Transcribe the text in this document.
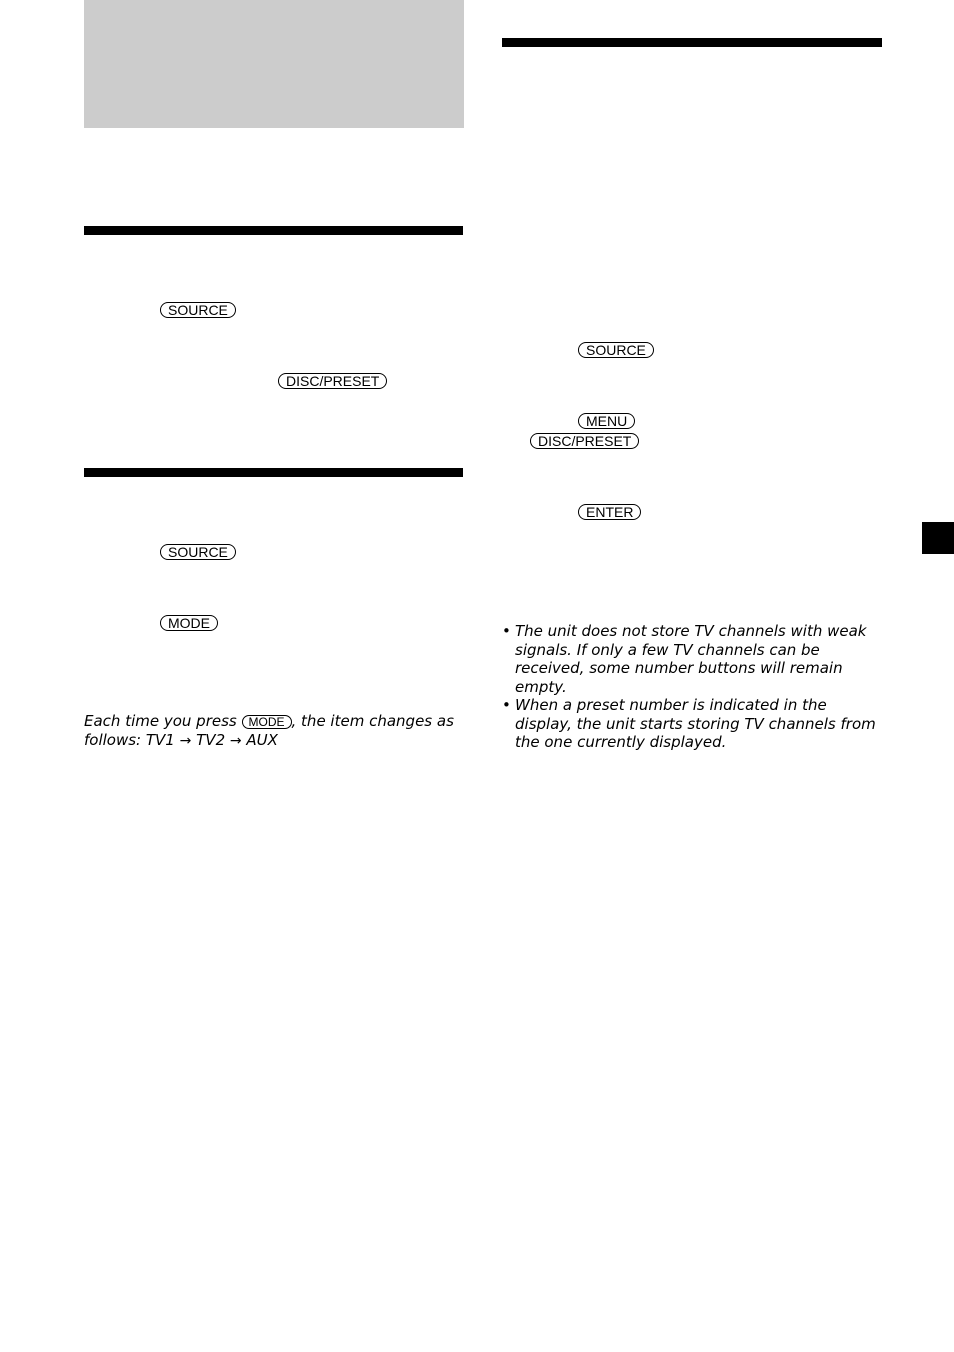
SOURCE
DISC/PRESET
SOURCE
MODE
Each time you press MODE , the item changes as follows: TV1 → TV2 → AUX
SOURCE
MENU
DISC/PRESET
ENTER
• The unit does not store TV channels with weak signals. If only a few TV channels can be received, some number buttons will remain empty.
• When a preset number is indicated in the display, the unit starts storing TV channels from the one currently displayed.
